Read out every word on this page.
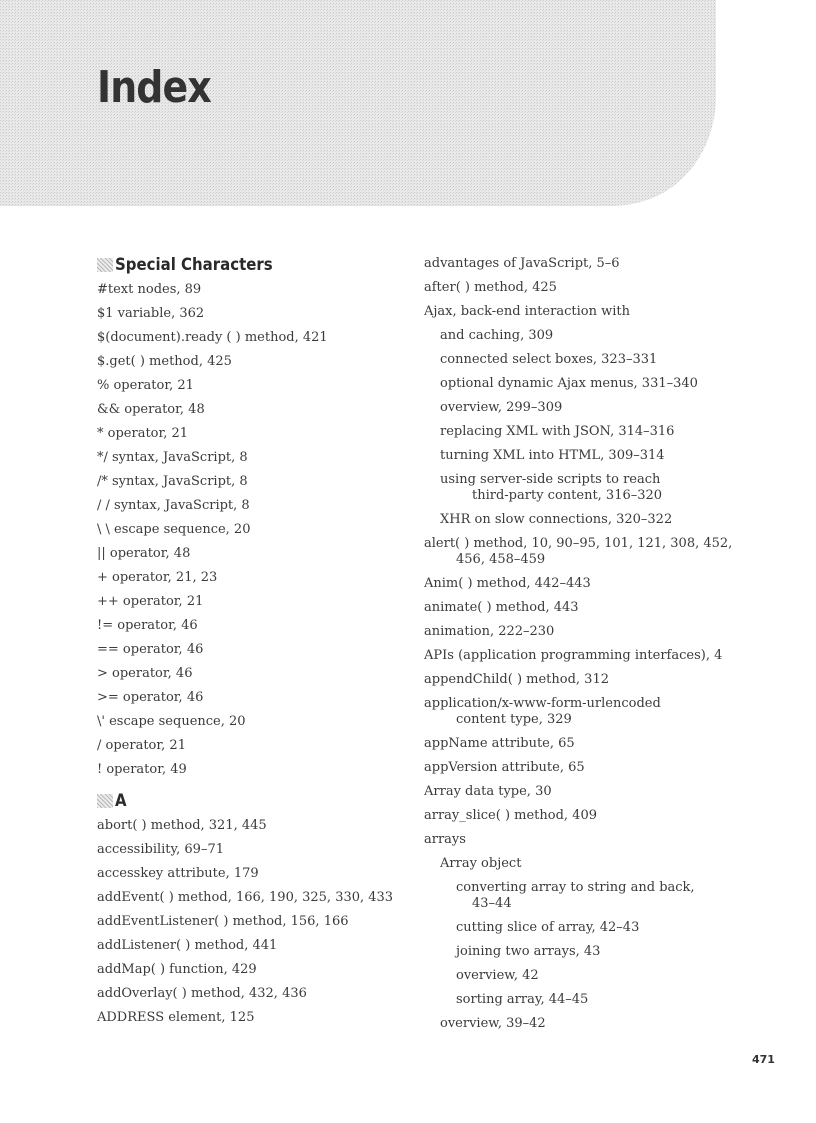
Index
Special Characters
#text nodes, 89
$1 variable, 362
$(document).ready ( ) method, 421
$.get( ) method, 425
% operator, 21
&& operator, 48
* operator, 21
*/ syntax, JavaScript, 8
/* syntax, JavaScript, 8
/ / syntax, JavaScript, 8
\ \ escape sequence, 20
|| operator, 48
+ operator, 21, 23
++ operator, 21
!= operator, 46
== operator, 46
> operator, 46
>= operator, 46
\' escape sequence, 20
/ operator, 21
! operator, 49
A
abort( ) method, 321, 445
accessibility, 69–71
accesskey attribute, 179
addEvent( ) method, 166, 190, 325, 330, 433
addEventListener( ) method, 156, 166
addListener( ) method, 441
addMap( ) function, 429
addOverlay( ) method, 432, 436
ADDRESS element, 125
advantages of JavaScript, 5–6
after( ) method, 425
Ajax, back-end interaction with
and caching, 309
connected select boxes, 323–331
optional dynamic Ajax menus, 331–340
overview, 299–309
replacing XML with JSON, 314–316
turning XML into HTML, 309–314
using server-side scripts to reach
third-party content, 316–320
XHR on slow connections, 320–322
alert( ) method, 10, 90–95, 101, 121, 308, 452,
456, 458–459
Anim( ) method, 442–443
animate( ) method, 443
animation, 222–230
APIs (application programming interfaces), 4
appendChild( ) method, 312
application/x-www-form-urlencoded
content type, 329
appName attribute, 65
appVersion attribute, 65
Array data type, 30
array_slice( ) method, 409
arrays
Array object
converting array to string and back,
43–44
cutting slice of array, 42–43
joining two arrays, 43
overview, 42
sorting array, 44–45
overview, 39–42
471
